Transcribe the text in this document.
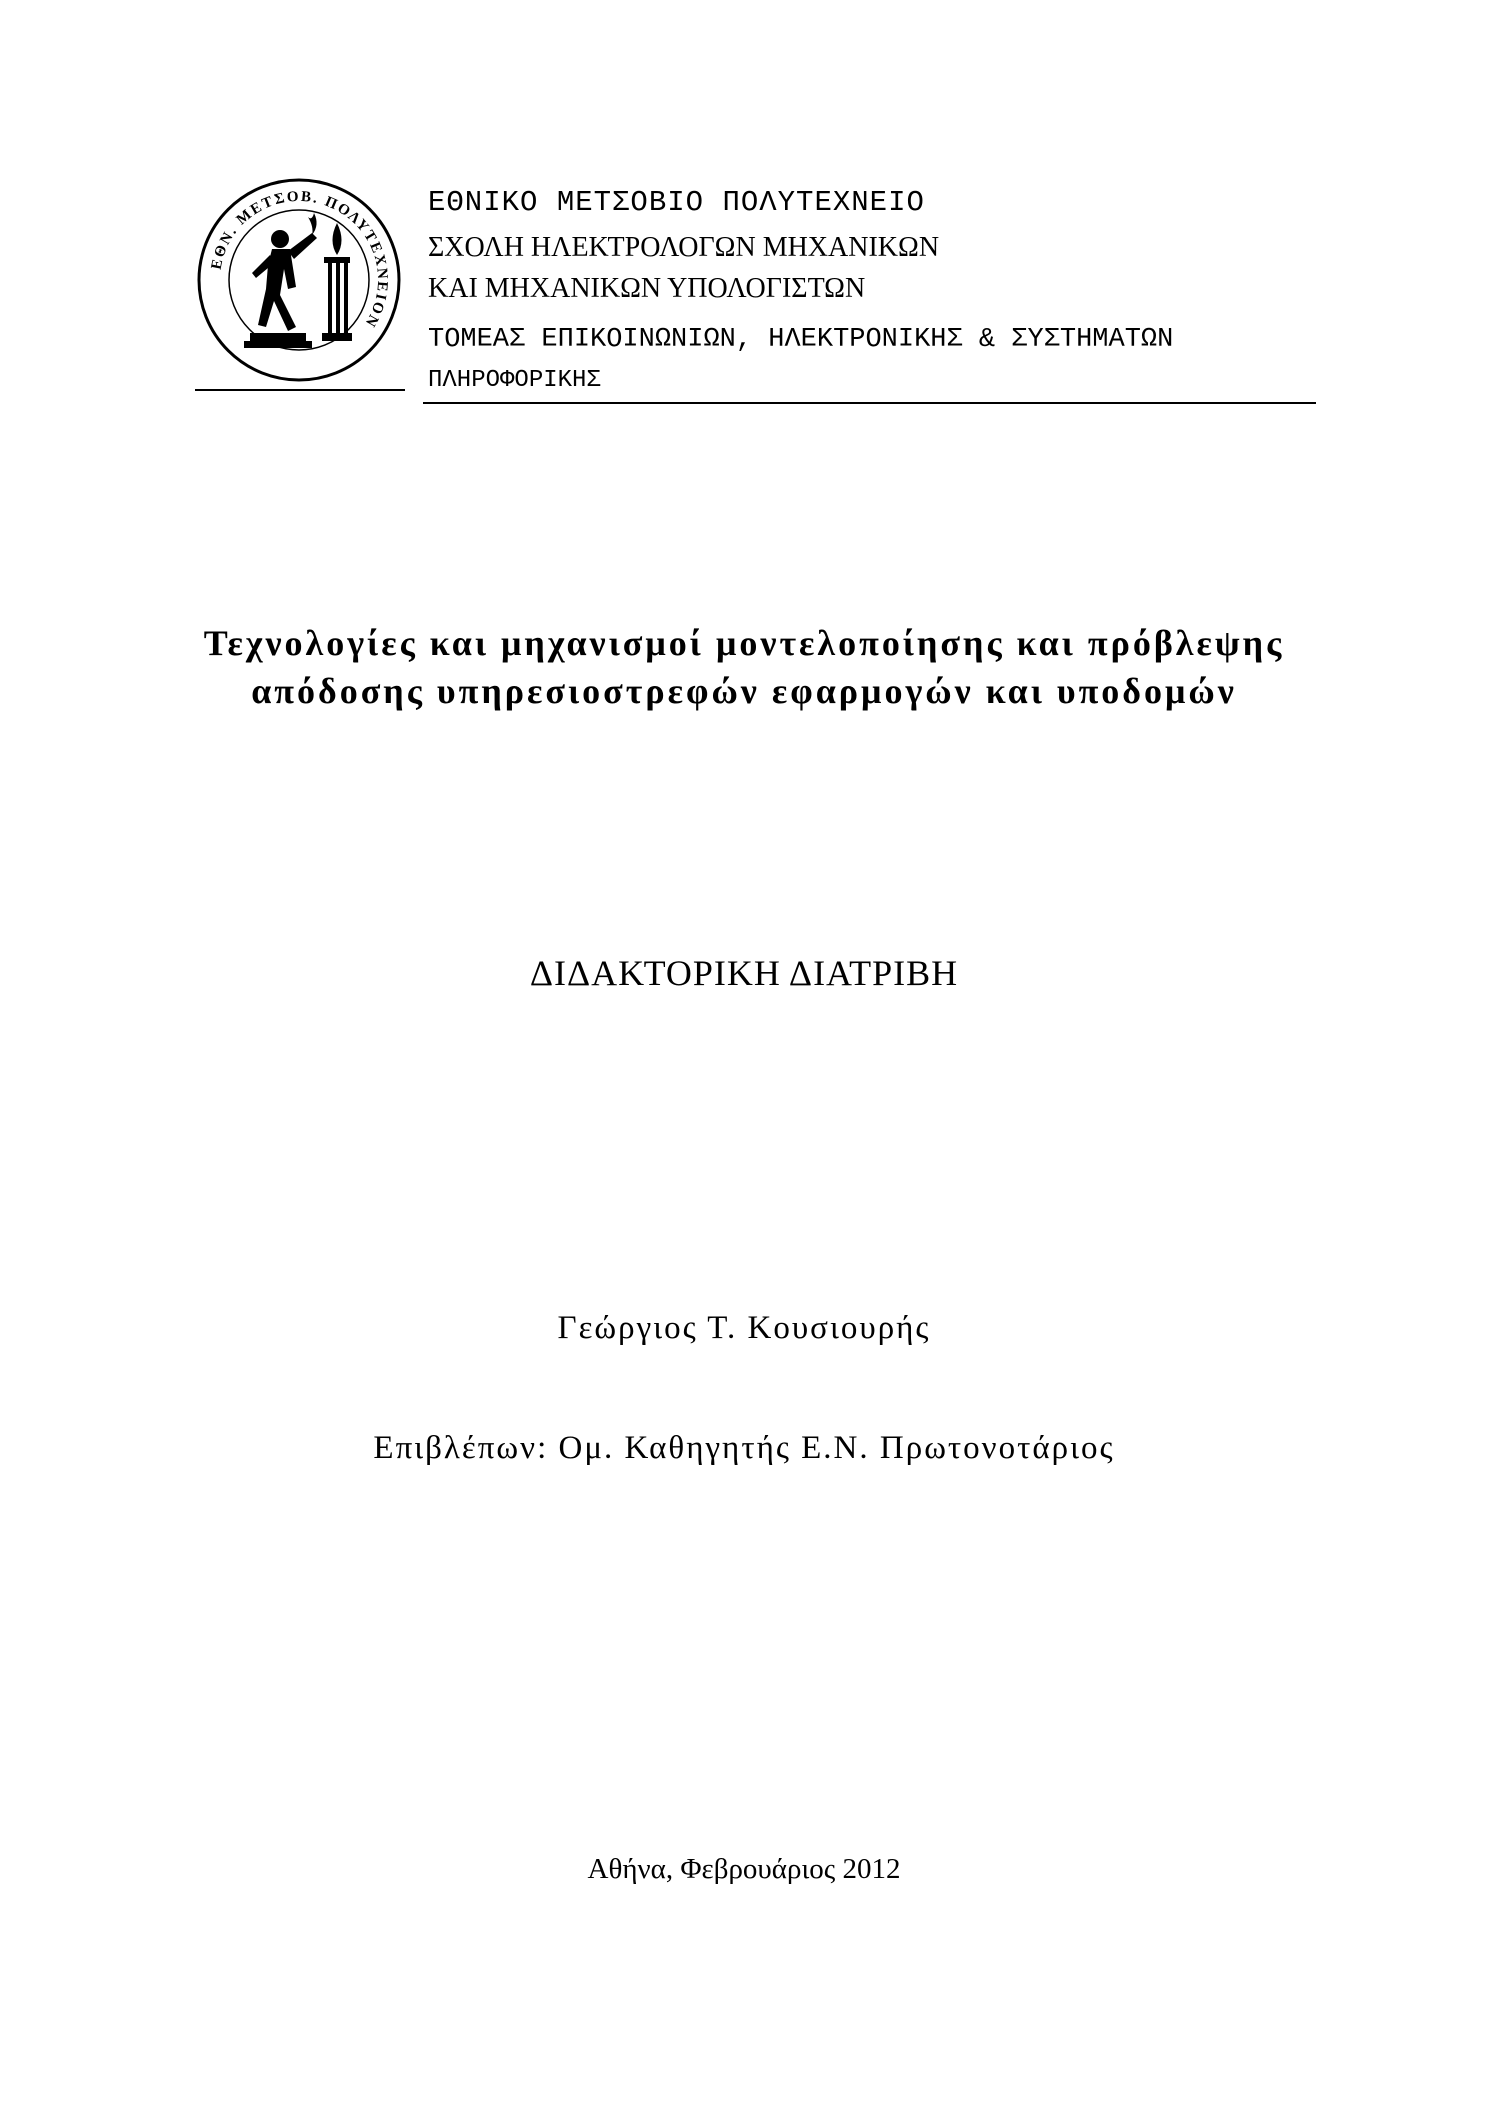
ΕΘΝ. ΜΕΤΣΟΒ. ΠΟΛΥΤΕΧΝΕΙΟΝ
ΕΘΝΙΚΟ ΜΕΤΣΟΒΙΟ ΠΟΛΥΤΕΧΝΕΙΟ
ΣΧΟΛΗ ΗΛΕΚΤΡΟΛΟΓΩΝ ΜΗΧΑΝΙΚΩΝ
ΚΑΙ ΜΗΧΑΝΙΚΩΝ ΥΠΟΛΟΓΙΣΤΩΝ
ΤΟΜΕΑΣ ΕΠΙΚΟΙΝΩΝΙΩΝ, ΗΛΕΚΤΡΟΝΙΚΗΣ & ΣΥΣΤΗΜΑΤΩΝ
ΠΛΗΡΟΦΟΡΙΚΗΣ
Τεχνολογίες και μηχανισμοί μοντελοποίησης και πρόβλεψης
απόδοσης υπηρεσιοστρεφών εφαρμογών και υποδομών
ΔΙΔΑΚΤΟΡΙΚΗ ΔΙΑΤΡΙΒΗ
Γεώργιος Τ. Κουσιουρής
Επιβλέπων: Ομ. Καθηγητής Ε.Ν. Πρωτονοτάριος
Αθήνα, Φεβρουάριος 2012
